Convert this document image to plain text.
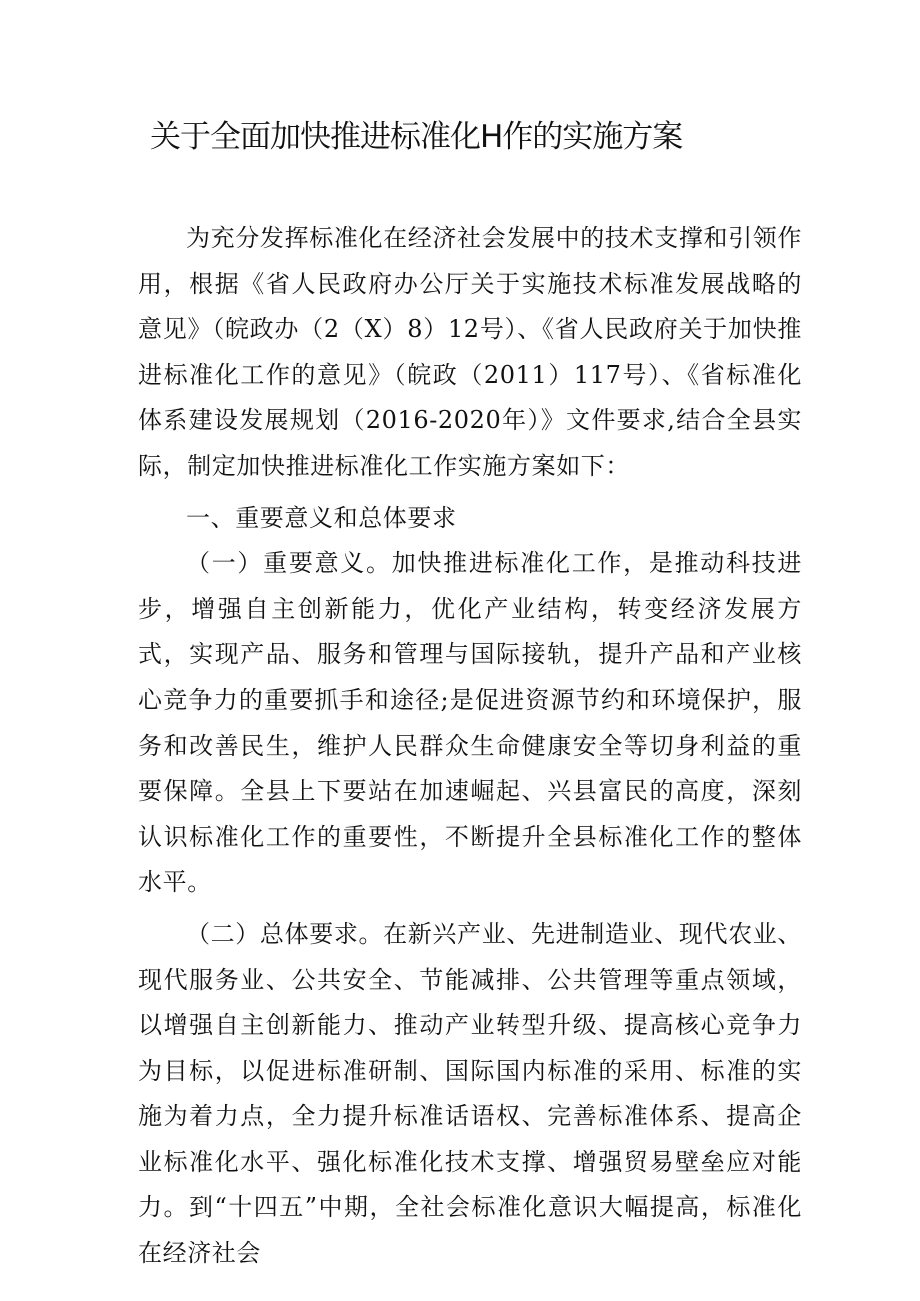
关于全面加快推进标准化H作的实施方案

为充分发挥标准化在经济社会发展中的技术支撑和引领作用，根据《省人民政府办公厅关于实施技术标准发展战略的意见》（皖政办（2（X）8）12号）、《省人民政府关于加快推进标准化工作的意见》（皖政（2011）117号）、《省标准化体系建设发展规划（2016-2020年）》文件要求,结合全县实际，制定加快推进标准化工作实施方案如下：

一、重要意义和总体要求

（一）重要意义。加快推进标准化工作，是推动科技进步，增强自主创新能力，优化产业结构，转变经济发展方式，实现产品、服务和管理与国际接轨，提升产品和产业核心竞争力的重要抓手和途径;是促进资源节约和环境保护，服务和改善民生，维护人民群众生命健康安全等切身利益的重要保障。全县上下要站在加速崛起、兴县富民的高度，深刻认识标准化工作的重要性，不断提升全县标准化工作的整体水平。

（二）总体要求。在新兴产业、先进制造业、现代农业、现代服务业、公共安全、节能减排、公共管理等重点领域，以增强自主创新能力、推动产业转型升级、提高核心竞争力为目标，以促进标准研制、国际国内标准的采用、标准的实施为着力点，全力提升标准话语权、完善标准体系、提高企业标准化水平、强化标准化技术支撑、增强贸易壁垒应对能力。到“十四五”中期，全社会标准化意识大幅提高，标准化在经济社会
